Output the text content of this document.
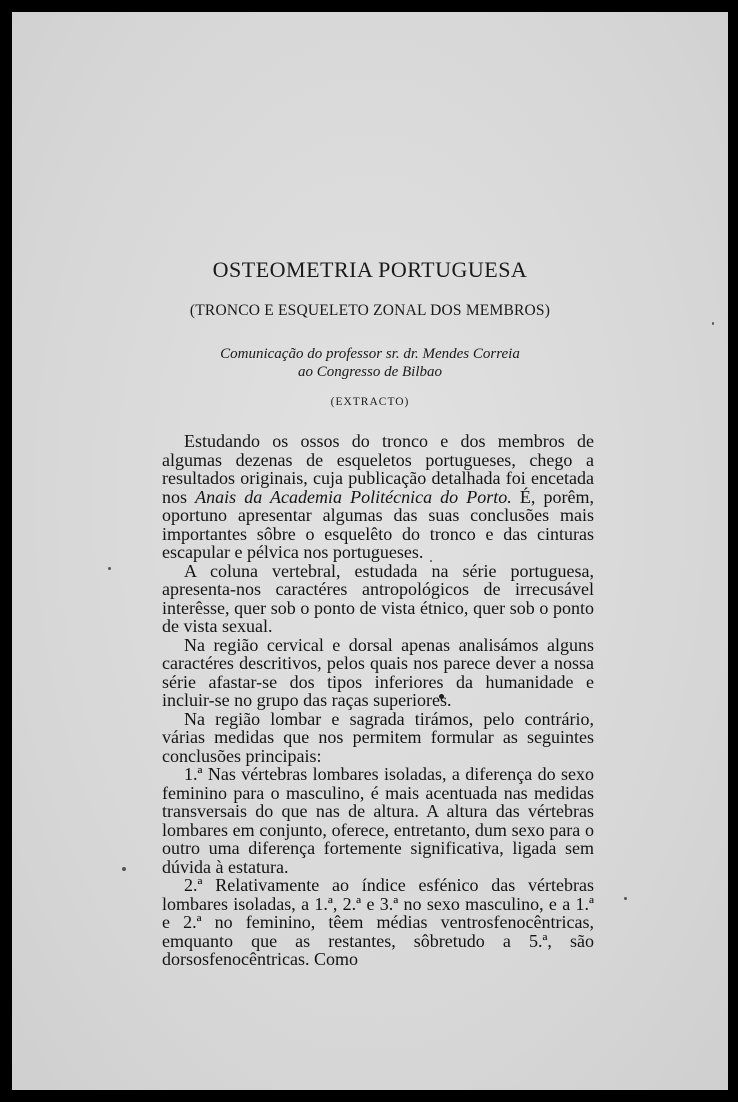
OSTEOMETRIA PORTUGUESA
(TRONCO E ESQUELETO ZONAL DOS MEMBROS)
Comunicação do professor sr. dr. Mendes Correia
ao Congresso de Bilbao
(EXTRACTO)

Estudando os ossos do tronco e dos membros de algumas dezenas de esqueletos portugueses, chego a resultados originais, cuja publicação detalhada foi encetada nos Anais da Academia Politécnica do Porto. É, porêm, oportuno apresentar algumas das suas conclusões mais importantes sôbre o esquelêto do tronco e das cinturas escapular e pélvica nos portugueses.

A coluna vertebral, estudada na série portuguesa, apresenta-nos caractéres antropológicos de irrecusável interêsse, quer sob o ponto de vista étnico, quer sob o ponto de vista sexual.

Na região cervical e dorsal apenas analisámos alguns caractéres descritivos, pelos quais nos parece dever a nossa série afastar-se dos tipos inferiores da humanidade e incluir-se no grupo das raças superiores.

Na região lombar e sagrada tirámos, pelo contrário, várias medidas que nos permitem formular as seguintes conclusões principais:

1.ª Nas vértebras lombares isoladas, a diferença do sexo feminino para o masculino, é mais acentuada nas medidas transversais do que nas de altura. A altura das vértebras lombares em conjunto, oferece, entretanto, dum sexo para o outro uma diferença fortemente significativa, ligada sem dúvida à estatura.

2.ª Relativamente ao índice esfénico das vértebras lombares isoladas, a 1.ª, 2.ª e 3.ª no sexo masculino, e a 1.ª e 2.ª no feminino, têem médias ventrosfenocêntricas, emquanto que as restantes, sôbretudo a 5.ª, são dorsosfenocêntricas. Como
